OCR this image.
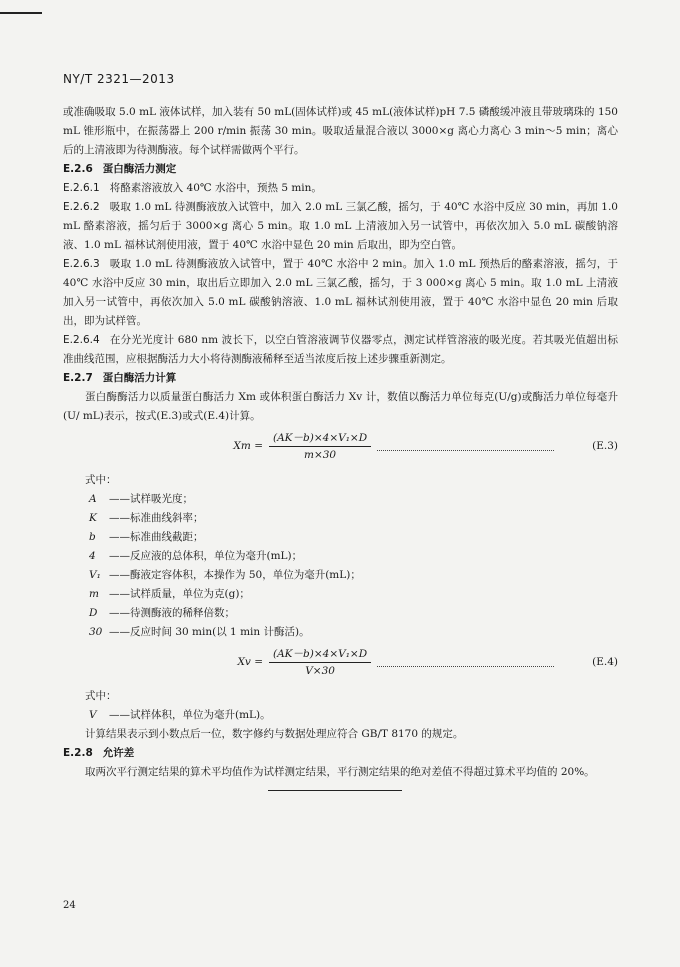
NY/T 2321—2013

或准确吸取 5.0 mL 液体试样，加入装有 50 mL(固体试样)或 45 mL(液体试样)pH 7.5 磷酸缓冲液且带玻璃珠的 150 mL 锥形瓶中，在振荡器上 200 r/min 振荡 30 min。吸取适量混合液以 3000×g 离心力离心 3 min～5 min；离心后的上清液即为待测酶液。每个试样需做两个平行。

E.2.6 蛋白酶活力测定

E.2.6.1 将酪素溶液放入 40℃ 水浴中，预热 5 min。

E.2.6.2 吸取 1.0 mL 待测酶液放入试管中，加入 2.0 mL 三氯乙酸，摇匀，于 40℃ 水浴中反应 30 min，再加 1.0 mL 酪素溶液，摇匀后于 3000×g 离心 5 min。取 1.0 mL 上清液加入另一试管中，再依次加入 5.0 mL 碳酸钠溶液、1.0 mL 福林试剂使用液，置于 40℃ 水浴中显色 20 min 后取出，即为空白管。

E.2.6.3 吸取 1.0 mL 待测酶液放入试管中，置于 40℃ 水浴中 2 min。加入 1.0 mL 预热后的酪素溶液，摇匀，于 40℃ 水浴中反应 30 min，取出后立即加入 2.0 mL 三氯乙酸，摇匀，于 3 000×g 离心 5 min。取 1.0 mL 上清液加入另一试管中，再依次加入 5.0 mL 碳酸钠溶液、1.0 mL 福林试剂使用液，置于 40℃ 水浴中显色 20 min 后取出，即为试样管。

E.2.6.4 在分光光度计 680 nm 波长下，以空白管溶液调节仪器零点，测定试样管溶液的吸光度。若其吸光值超出标准曲线范围，应根据酶活力大小将待测酶液稀释至适当浓度后按上述步骤重新测定。

E.2.7 蛋白酶活力计算

蛋白酶酶活力以质量蛋白酶活力 Xm 或体积蛋白酶活力 Xv 计，数值以酶活力单位每克(U/g)或酶活力单位每毫升(U/ mL)表示，按式(E.3)或式(E.4)计算。

$Xm = \frac{\text{(AK－b)×4×V₁×D}}{m\times 30}$	(E.3)

式中：

A	——试样吸光度；
K	——标准曲线斜率；
b	——标准曲线截距；
4	——反应液的总体积，单位为毫升(mL)；
V₁ ——酶液定容体积，本操作为 50，单位为毫升(mL)；
m ——试样质量，单位为克(g)；
D	——待测酶液的稀释倍数；
30 ——反应时间 30 min(以 1 min 计酶活)。
$Xv = \frac{\text{(AK－b)×4×V₁×D}}{V\times 30}$	(E.4)

式中：

V	——试样体积，单位为毫升(mL)。

计算结果表示到小数点后一位，数字修约与数据处理应符合 GB/T 8170 的规定。

E.2.8 允许差

取两次平行测定结果的算术平均值作为试样测定结果，平行测定结果的绝对差值不得超过算术平均值的 20%。

24
